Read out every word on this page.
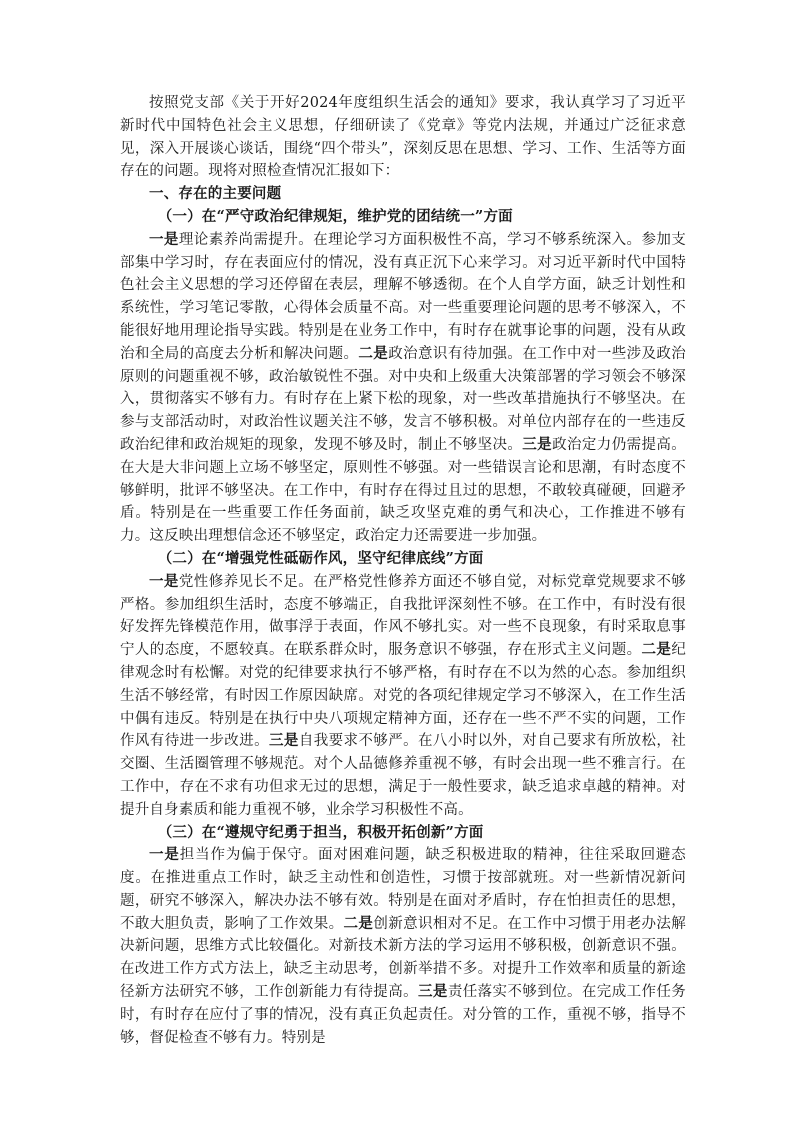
按照党支部《关于开好2024年度组织生活会的通知》要求，我认真学习了习近平新时代中国特色社会主义思想，仔细研读了《党章》等党内法规，并通过广泛征求意见，深入开展谈心谈话，围绕“四个带头”，深刻反思在思想、学习、工作、生活等方面存在的问题。现将对照检查情况汇报如下：

一、存在的主要问题
（一）在“严守政治纪律规矩，维护党的团结统一”方面

一是理论素养尚需提升。在理论学习方面积极性不高，学习不够系统深入。参加支部集中学习时，存在表面应付的情况，没有真正沉下心来学习。对习近平新时代中国特色社会主义思想的学习还停留在表层，理解不够透彻。在个人自学方面，缺乏计划性和系统性，学习笔记零散，心得体会质量不高。对一些重要理论问题的思考不够深入，不能很好地用理论指导实践。特别是在业务工作中，有时存在就事论事的问题，没有从政治和全局的高度去分析和解决问题。二是政治意识有待加强。在工作中对一些涉及政治原则的问题重视不够，政治敏锐性不强。对中央和上级重大决策部署的学习领会不够深入，贯彻落实不够有力。有时存在上紧下松的现象，对一些改革措施执行不够坚决。在参与支部活动时，对政治性议题关注不够，发言不够积极。对单位内部存在的一些违反政治纪律和政治规矩的现象，发现不够及时，制止不够坚决。三是政治定力仍需提高。在大是大非问题上立场不够坚定，原则性不够强。对一些错误言论和思潮，有时态度不够鲜明，批评不够坚决。在工作中，有时存在得过且过的思想，不敢较真碰硬，回避矛盾。特别是在一些重要工作任务面前，缺乏攻坚克难的勇气和决心，工作推进不够有力。这反映出理想信念还不够坚定，政治定力还需要进一步加强。

（二）在“增强党性砥砺作风，坚守纪律底线”方面

一是党性修养见长不足。在严格党性修养方面还不够自觉，对标党章党规要求不够严格。参加组织生活时，态度不够端正，自我批评深刻性不够。在工作中，有时没有很好发挥先锋模范作用，做事浮于表面，作风不够扎实。对一些不良现象，有时采取息事宁人的态度，不愿较真。在联系群众时，服务意识不够强，存在形式主义问题。二是纪律观念时有松懈。对党的纪律要求执行不够严格，有时存在不以为然的心态。参加组织生活不够经常，有时因工作原因缺席。对党的各项纪律规定学习不够深入，在工作生活中偶有违反。特别是在执行中央八项规定精神方面，还存在一些不严不实的问题，工作作风有待进一步改进。三是自我要求不够严。在八小时以外，对自己要求有所放松，社交圈、生活圈管理不够规范。对个人品德修养重视不够，有时会出现一些不雅言行。在工作中，存在不求有功但求无过的思想，满足于一般性要求，缺乏追求卓越的精神。对提升自身素质和能力重视不够，业余学习积极性不高。

（三）在“遵规守纪勇于担当，积极开拓创新”方面

一是担当作为偏于保守。面对困难问题，缺乏积极进取的精神，往往采取回避态度。在推进重点工作时，缺乏主动性和创造性，习惯于按部就班。对一些新情况新问题，研究不够深入，解决办法不够有效。特别是在面对矛盾时，存在怕担责任的思想，不敢大胆负责，影响了工作效果。二是创新意识相对不足。在工作中习惯于用老办法解决新问题，思维方式比较僵化。对新技术新方法的学习运用不够积极，创新意识不强。在改进工作方式方法上，缺乏主动思考，创新举措不多。对提升工作效率和质量的新途径新方法研究不够，工作创新能力有待提高。三是责任落实不够到位。在完成工作任务时，有时存在应付了事的情况，没有真正负起责任。对分管的工作，重视不够，指导不够，督促检查不够有力。特别是
